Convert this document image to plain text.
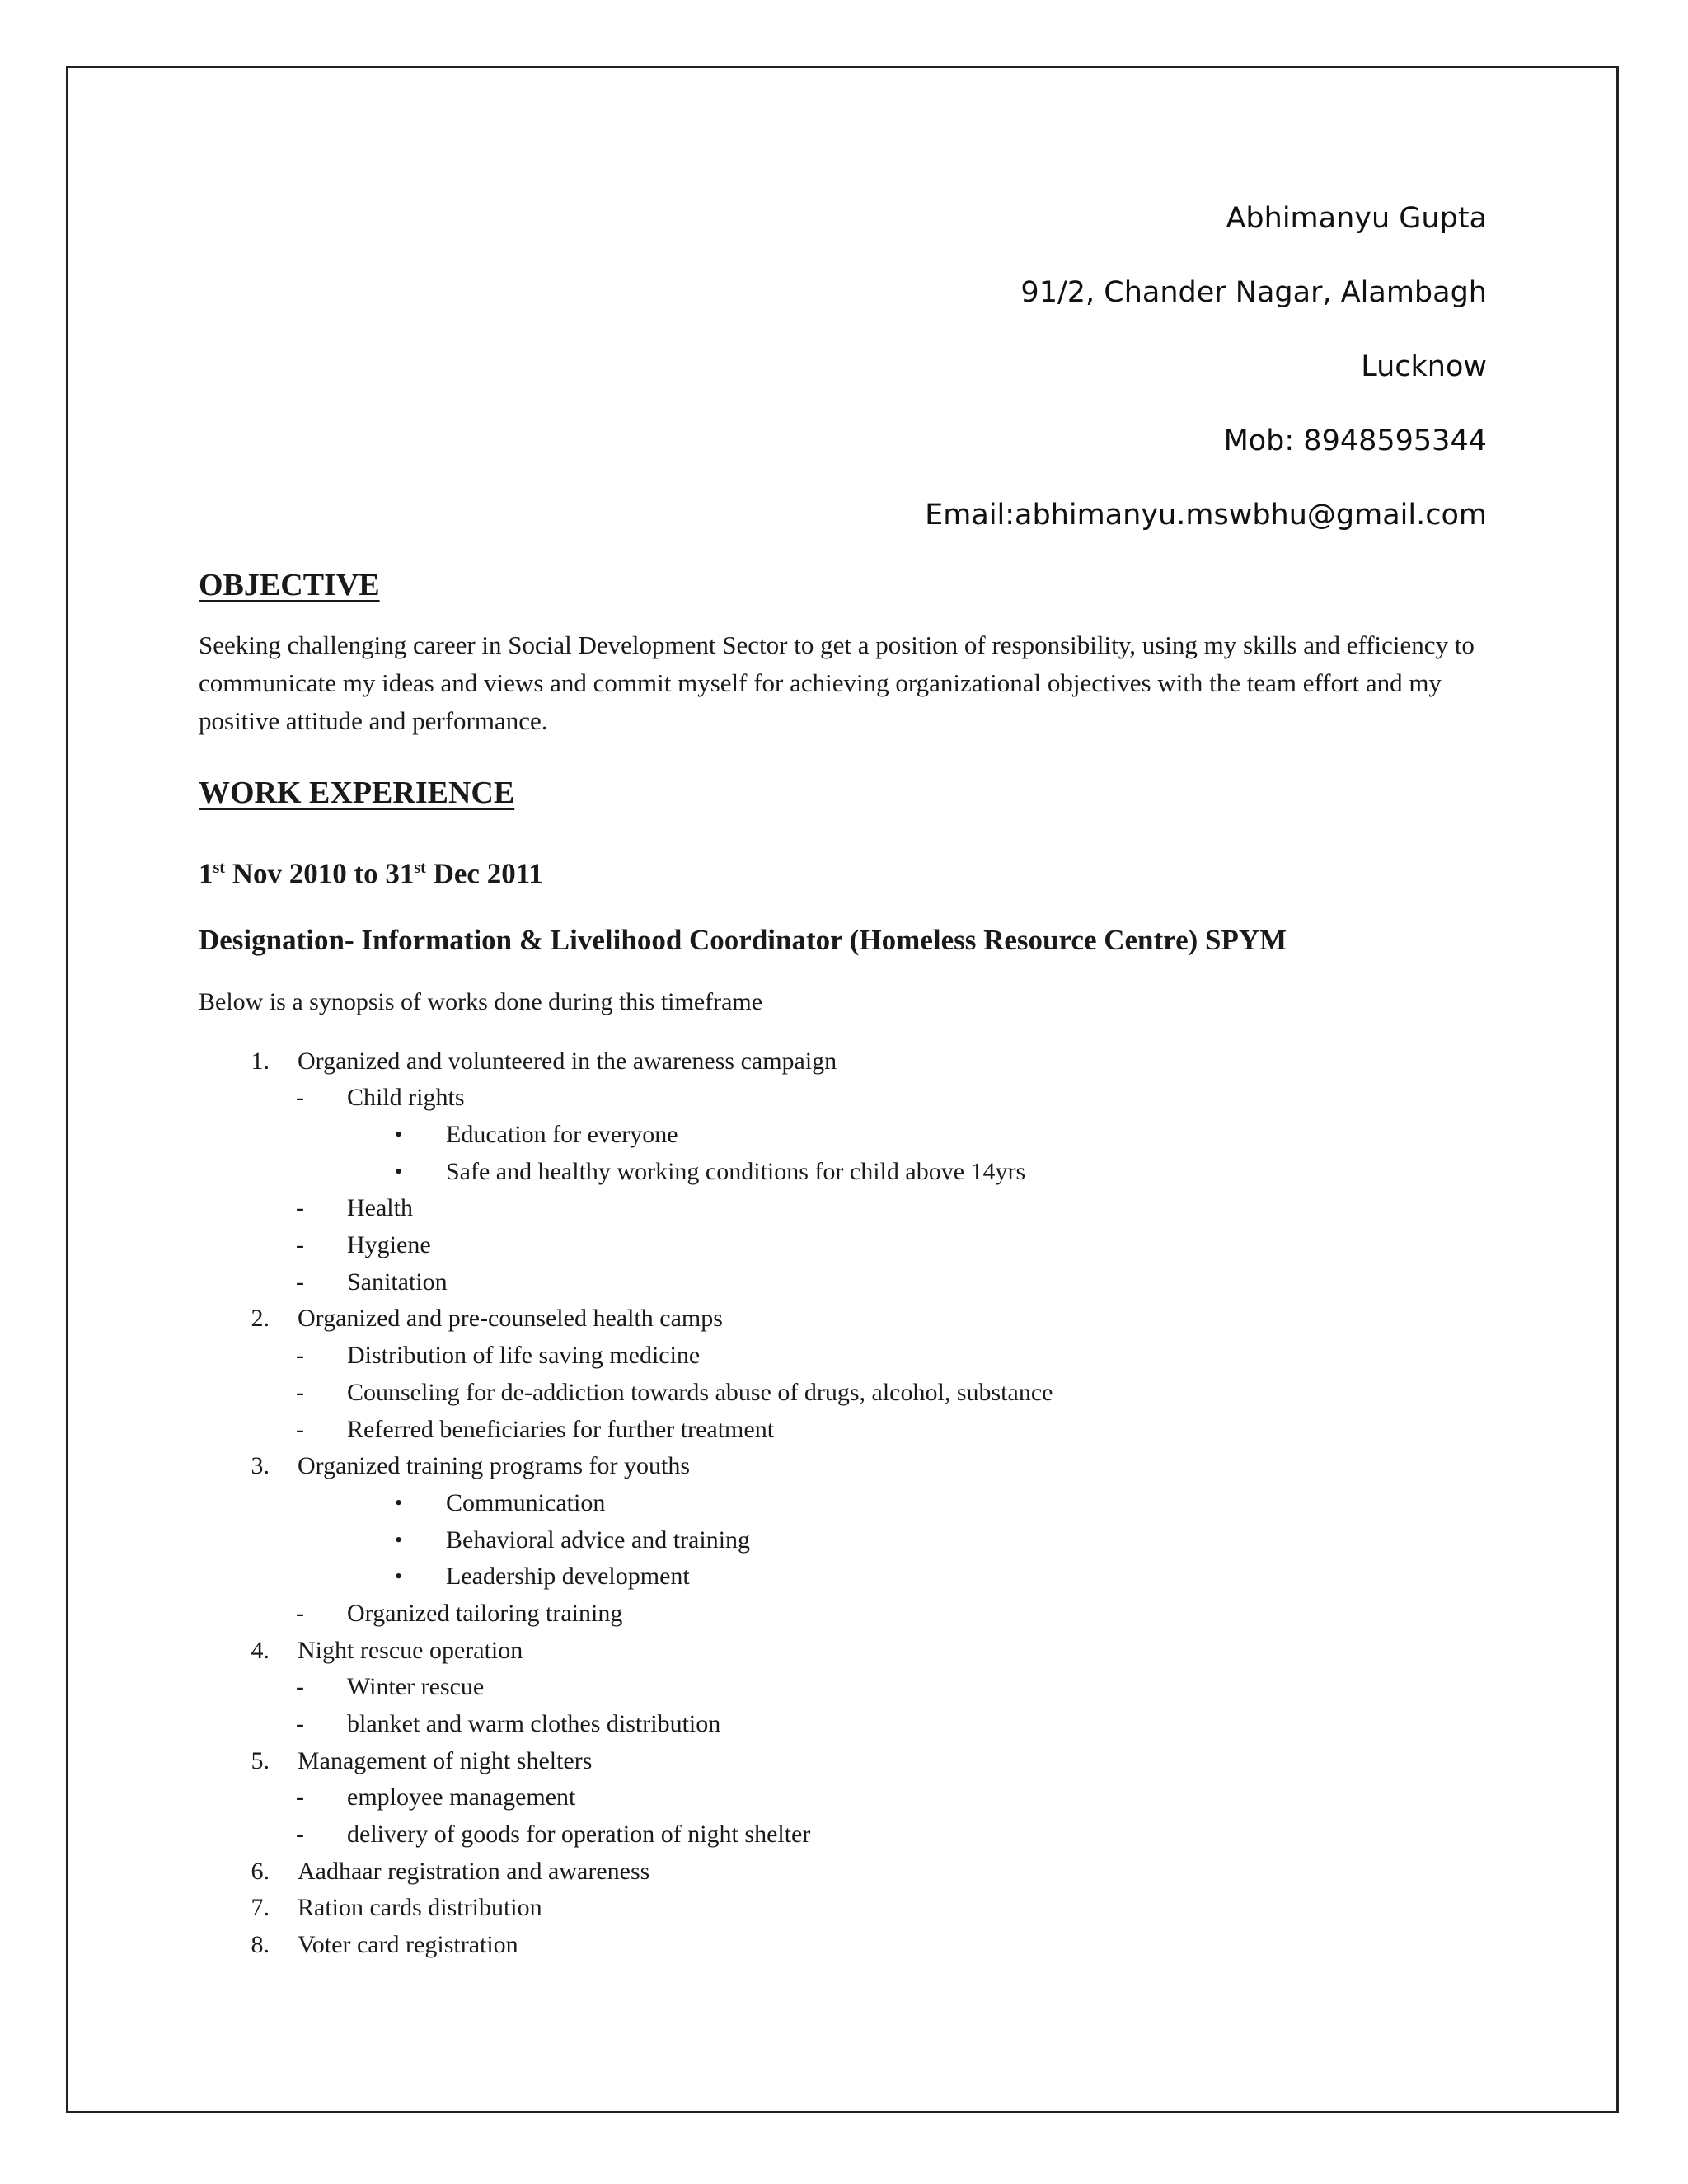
Abhimanyu Gupta
91/2, Chander Nagar, Alambagh
Lucknow
Mob: 8948595344
Email:abhimanyu.mswbhu@gmail.com
OBJECTIVE

Seeking challenging career in Social Development Sector to get a position of responsibility, using my skills and efficiency to communicate my ideas and views and commit myself for achieving organizational objectives with the team effort and my positive attitude and performance.

WORK EXPERIENCE
1st Nov 2010 to 31st Dec 2011
Designation- Information & Livelihood Coordinator (Homeless Resource Centre) SPYM
Below is a synopsis of works done during this timeframe
1. Organized and volunteered in the awareness campaign
- Child rights
• Education for everyone
• Safe and healthy working conditions for child above 14yrs
- Health
- Hygiene
- Sanitation
2. Organized and pre-counseled health camps
- Distribution of life saving medicine
- Counseling for de-addiction towards abuse of drugs, alcohol, substance
- Referred beneficiaries for further treatment
3. Organized training programs for youths
• Communication
• Behavioral advice and training
• Leadership development
- Organized tailoring training
4. Night rescue operation
- Winter rescue
- blanket and warm clothes distribution
5. Management of night shelters
- employee management
- delivery of goods for operation of night shelter
6. Aadhaar registration and awareness
7. Ration cards distribution
8. Voter card registration
